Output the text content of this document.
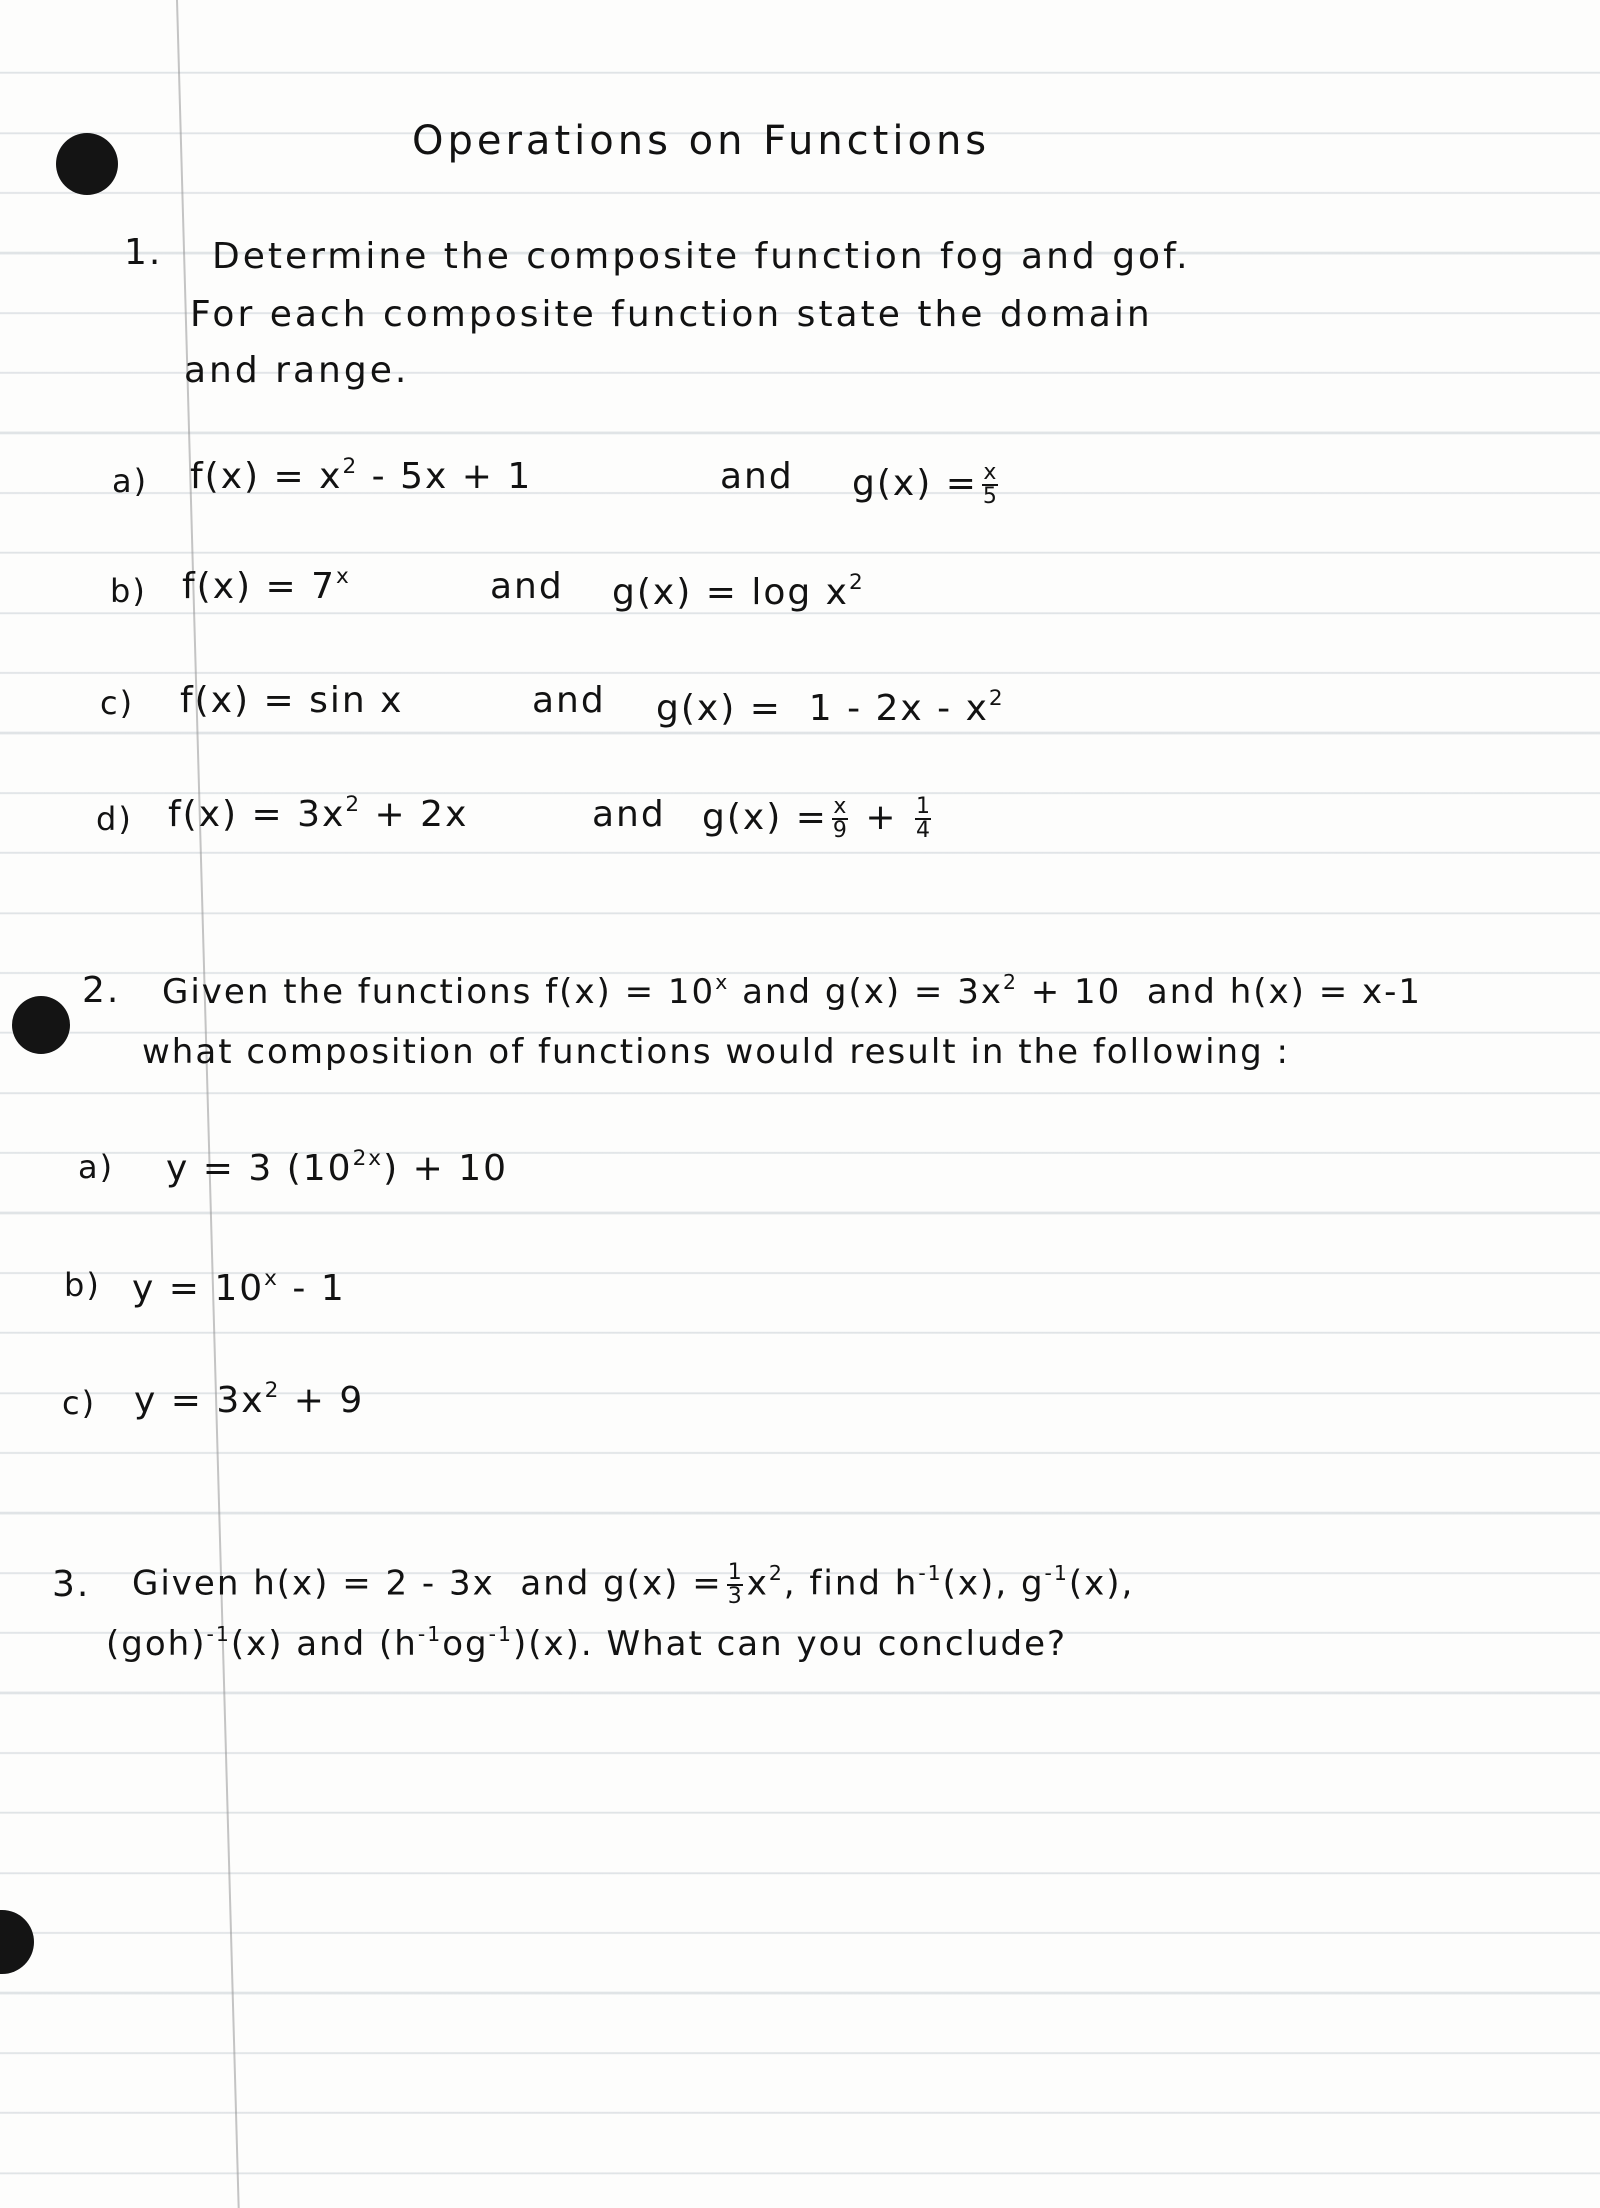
Operations on Functions
1. Determine the composite function fog and gof.
For each composite function state the domain
and range.
a) $f(x) = x^2 - 5x + 1$	and $g(x) = \frac{x}{5}$
b) $f(x) = 7^x$	and $g(x) = \log x^2$
c) f(x) = sin x	and $g(x) = 1 - 2x - x^2$
d) $f(x) = 3x^2 + 2x$	and $g(x) = \frac{x}{9} + \frac{1}{4}$
2. Given the functions $f(x) = 10^x$ and $g(x) = 3x^2 + 10$  and h(x) = x-1
what composition of functions would result in the following :
a) y = 3 $(10^{2x}) + 10$
b) $y = 10^x - 1$
c) $y = 3x^2 + 9$
3. Given h(x) = 2 - 3x  and $g(x) = \frac{1}{3} x^2$, find $h^{-1}(x)$, $g^{-1}(x)$,
(goh)$^{-1}$(x) and $(h^{-1}og^{-1})(x)$. What can you conclude?
